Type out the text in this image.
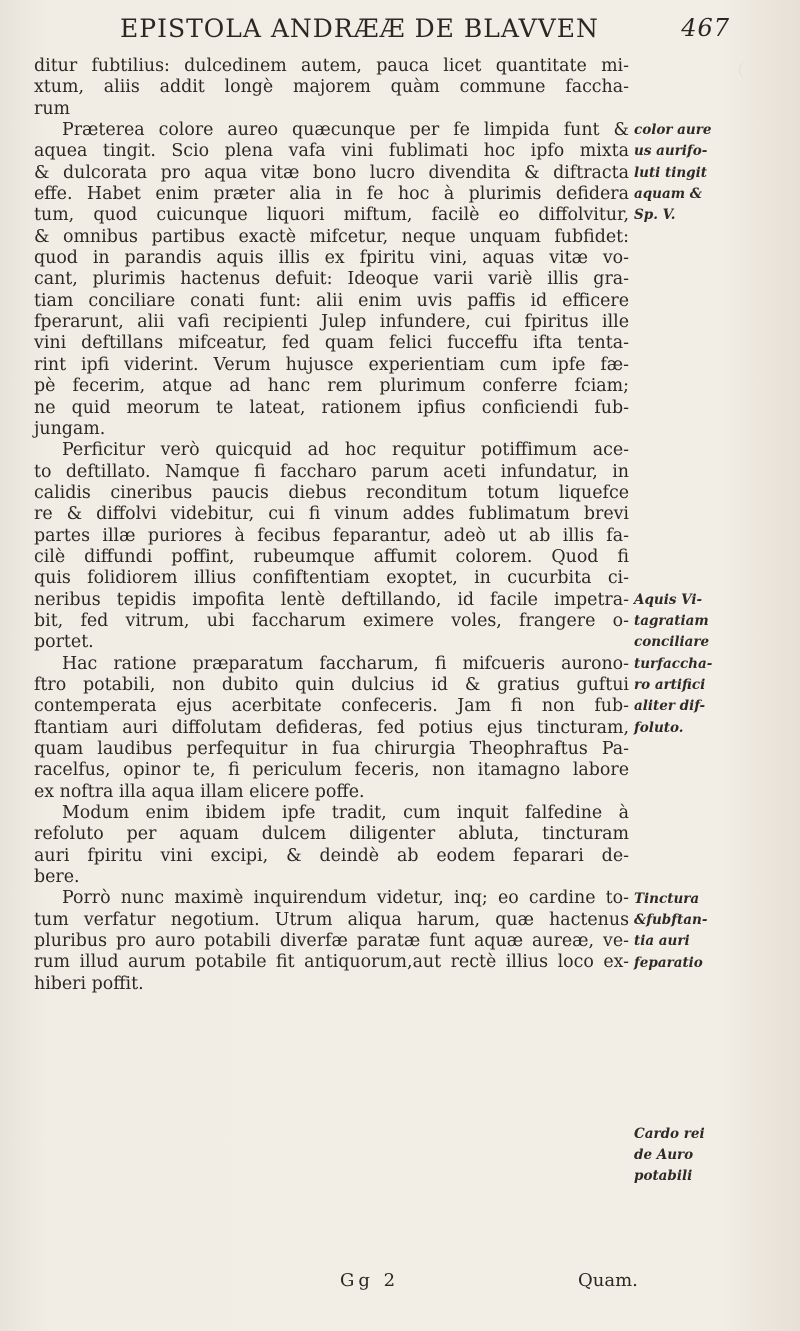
EPISTOLA ANDRÆÆ DE BLAVVEN	467
ditur fubtilius: dulcedinem autem, pauca licet quantitate mi-
xtum, aliis addit longè majorem quàm commune faccha-
rum
Præterea colore aureo quæcunque per fe limpida funt &
aquea tingit. Scio plena vafa vini fublimati hoc ipfo mixta
& dulcorata pro aqua vitæ bono lucro divendita & diftracta
effe. Habet enim præter alia in fe hoc à plurimis defidera
tum, quod cuicunque liquori miftum, facilè eo diffolvitur,
& omnibus partibus exactè mifcetur, neque unquam fubfidet:
quod in parandis aquis illis ex fpiritu vini, aquas vitæ vo-
cant, plurimis hactenus defuit: Ideoque varii variè illis gra-
tiam conciliare conati funt: alii enim uvis paffis id efficere
fperarunt, alii vafi recipienti Julep infundere, cui fpiritus ille
vini deftillans mifceatur, fed quam felici fucceffu ifta tenta-
rint ipfi viderint. Verum hujusce experientiam cum ipfe fæ-
pè fecerim, atque ad hanc rem plurimum conferre fciam;
ne quid meorum te lateat, rationem ipfius conficiendi fub-
jungam.
Perficitur verò quicquid ad hoc requitur potiffimum ace-
to deftillato. Namque fi faccharo parum aceti infundatur, in
calidis cineribus paucis diebus reconditum totum liquefce
re & diffolvi videbitur, cui fi vinum addes fublimatum brevi
partes illæ puriores à fecibus feparantur, adeò ut ab illis fa-
cilè diffundi poffint, rubeumque affumit colorem. Quod fi
quis folidiorem illius confiftentiam exoptet, in cucurbita ci-
neribus tepidis impofita lentè deftillando, id facile impetra-
bit, fed vitrum, ubi faccharum eximere voles, frangere o-
portet.
Hac ratione præparatum faccharum, fi mifcueris aurono-
ftro potabili, non dubito quin dulcius id & gratius guftui
contemperata ejus acerbitate confeceris. Jam fi non fub-
ftantiam auri diffolutam defideras, fed potius ejus tincturam,
quam laudibus perfequitur in fua chirurgia Theophraftus Pa-
racelfus, opinor te, fi periculum feceris, non itamagno labore
ex noftra illa aqua illam elicere poffe.
Modum enim ibidem ipfe tradit, cum inquit falfedine à
refoluto per aquam dulcem diligenter abluta, tincturam
auri fpiritu vini excipi, & deindè ab eodem feparari de-
bere.
Porrò nunc maximè inquirendum videtur, inq; eo cardine to-
tum verfatur negotium. Utrum aliqua harum, quæ hactenus
pluribus pro auro potabili diverfæ paratæ funt aquæ aureæ, ve-
rum illud aurum potabile fit antiquorum,aut rectè illius loco ex-
hiberi poffit.
color aure
us aurifo-
luti tingit
aquam &
Sp. V.
Aquis Vi-
tagratiam
conciliare
turfaccha-
ro artifici
aliter dif-
foluto.
Tinctura
&fubftan-
tia auri
feparatio
Cardo rei
de Auro
potabili
Gg 2	Quam.
